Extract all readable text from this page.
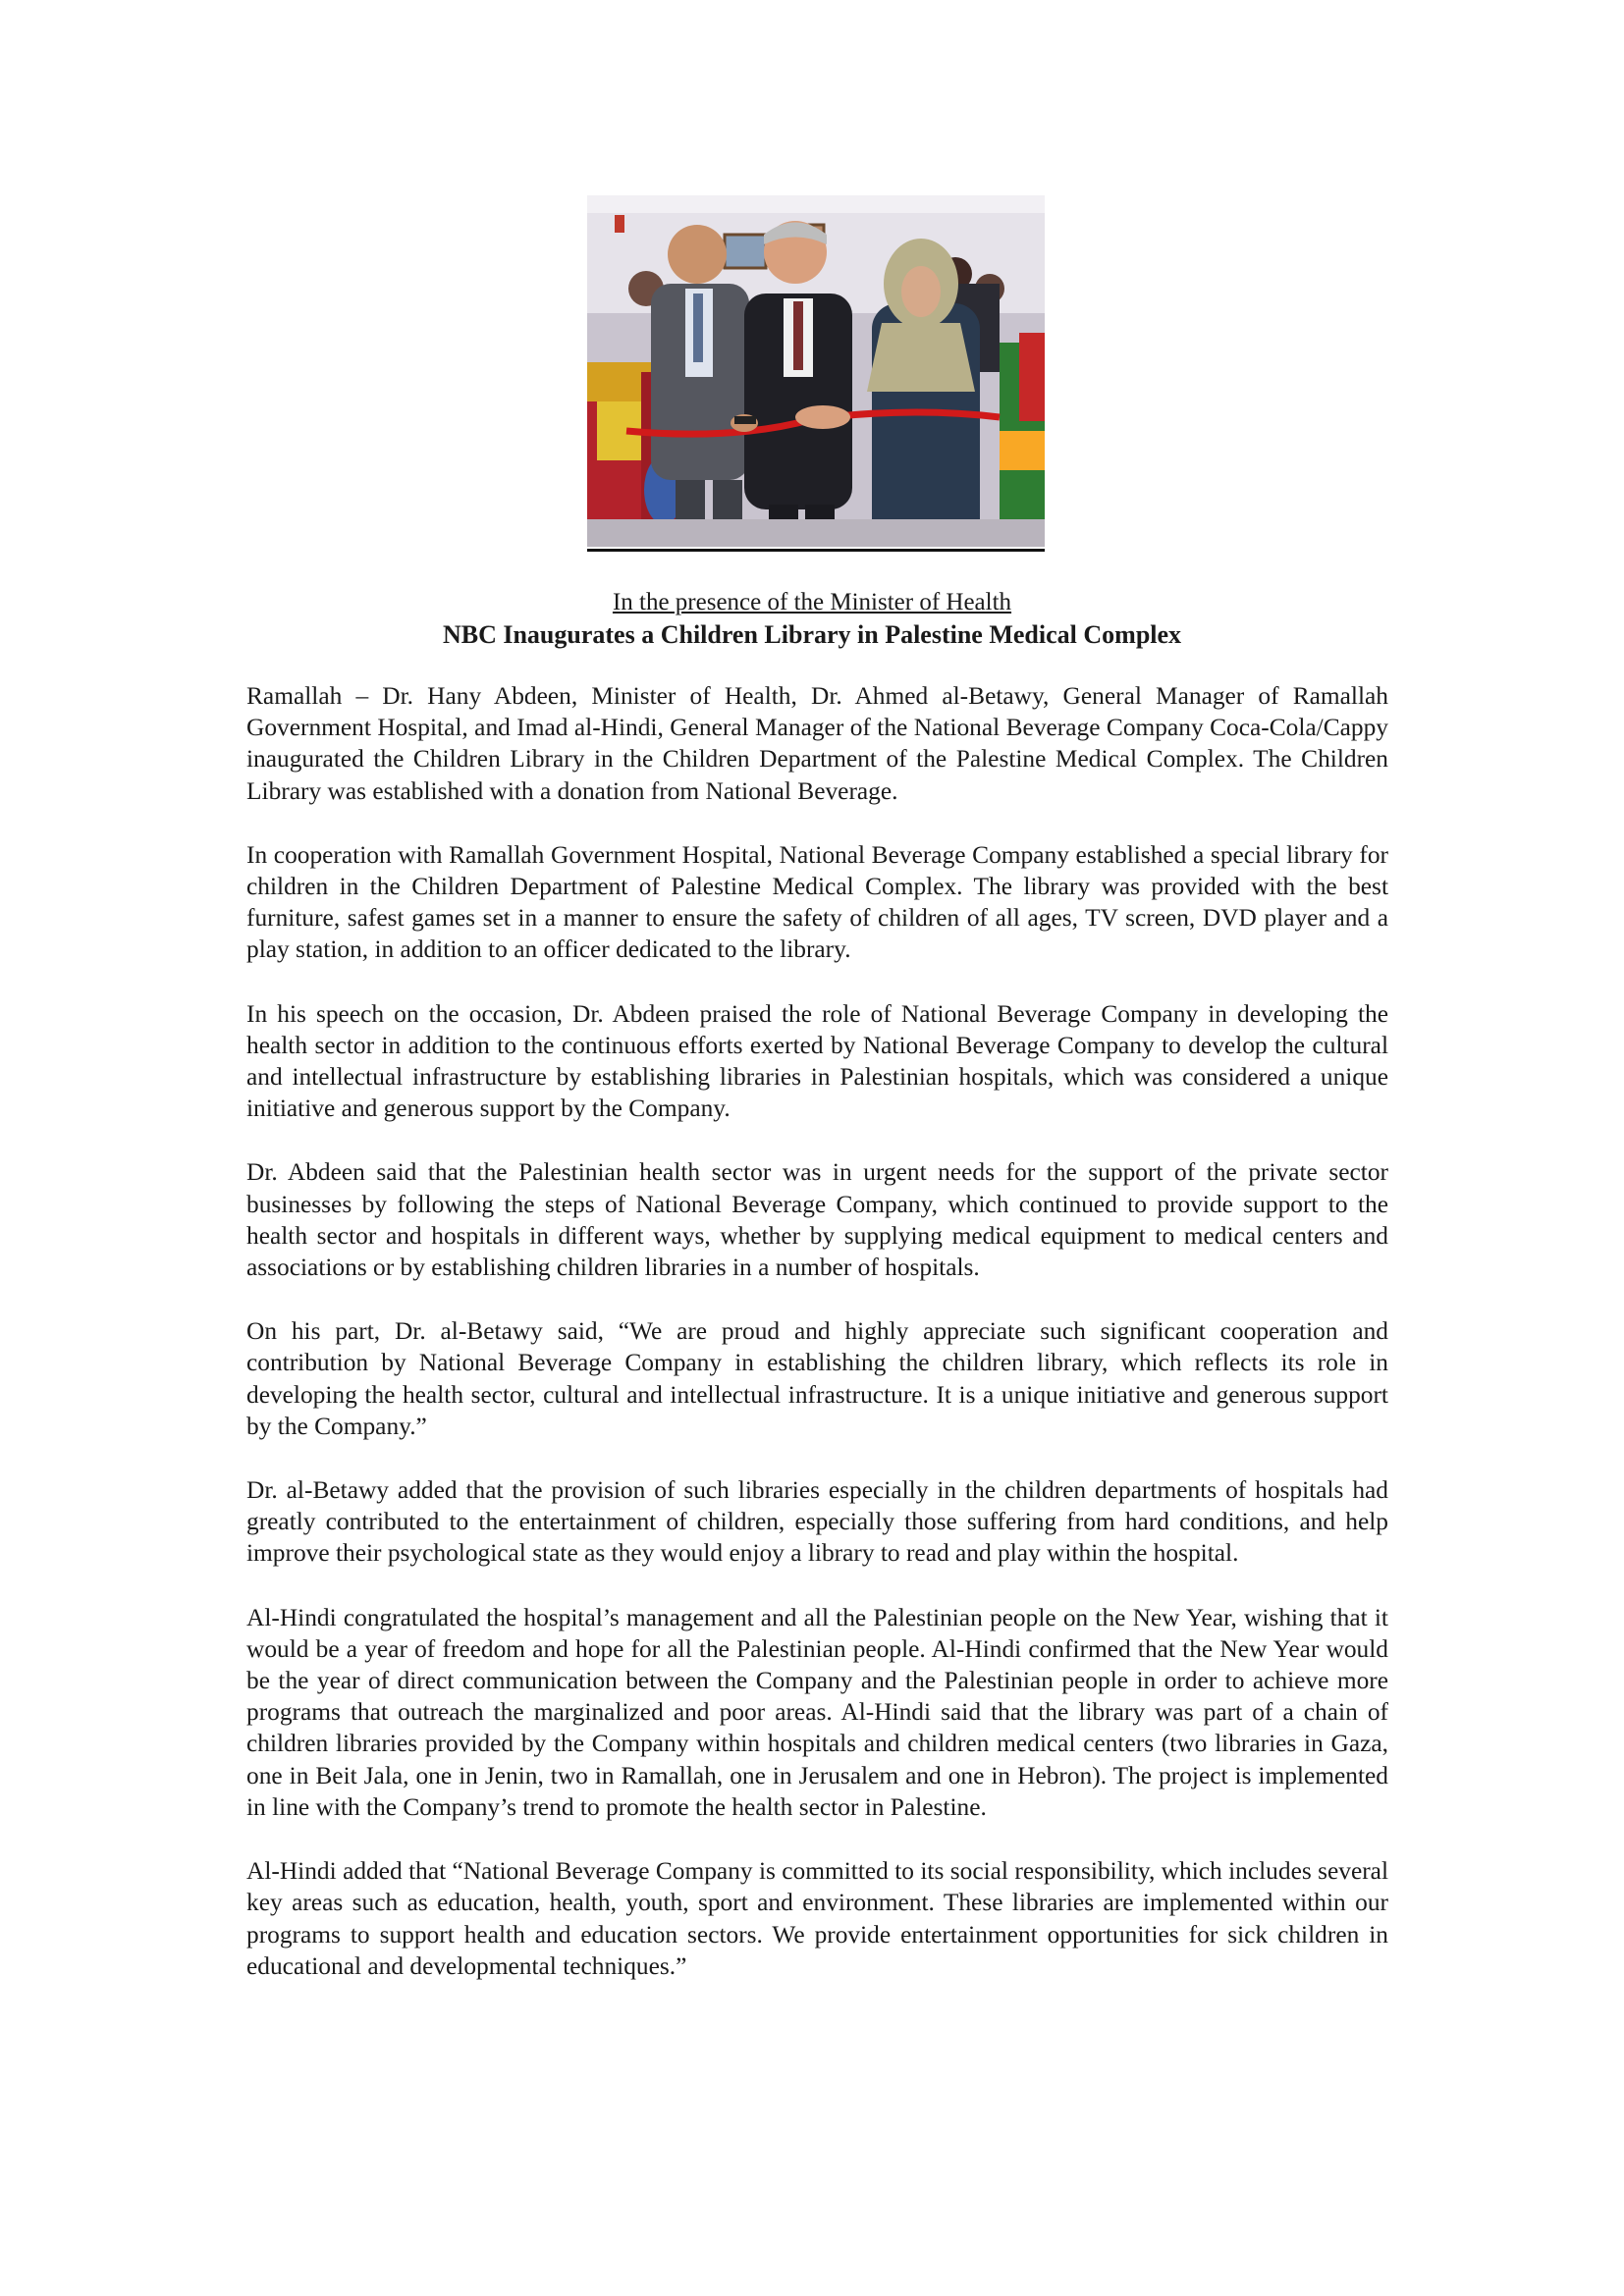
In the presence of the Minister of Health
NBC Inaugurates a Children Library in Palestine Medical Complex

Ramallah – Dr. Hany Abdeen, Minister of Health, Dr. Ahmed al-Betawy, General Manager of Ramallah Government Hospital, and Imad al-Hindi, General Manager of the National Beverage Company Coca-Cola/Cappy inaugurated the Children Library in the Children Department of the Palestine Medical Complex. The Children Library was established with a donation from National Beverage.

In cooperation with Ramallah Government Hospital, National Beverage Company established a special library for children in the Children Department of Palestine Medical Complex. The library was provided with the best furniture, safest games set in a manner to ensure the safety of children of all ages, TV screen, DVD player and a play station, in addition to an officer dedicated to the library.

In his speech on the occasion, Dr. Abdeen praised the role of National Beverage Company in developing the health sector in addition to the continuous efforts exerted by National Beverage Company to develop the cultural and intellectual infrastructure by establishing libraries in Palestinian hospitals, which was considered a unique initiative and generous support by the Company.

Dr. Abdeen said that the Palestinian health sector was in urgent needs for the support of the private sector businesses by following the steps of National Beverage Company, which continued to provide support to the health sector and hospitals in different ways, whether by supplying medical equipment to medical centers and associations or by establishing children libraries in a number of hospitals.

On his part, Dr. al-Betawy said, “We are proud and highly appreciate such significant cooperation and contribution by National Beverage Company in establishing the children library, which reflects its role in developing the health sector, cultural and intellectual infrastructure. It is a unique initiative and generous support by the Company.”

Dr. al-Betawy added that the provision of such libraries especially in the children departments of hospitals had greatly contributed to the entertainment of children, especially those suffering from hard conditions, and help improve their psychological state as they would enjoy a library to read and play within the hospital.

Al-Hindi congratulated the hospital’s management and all the Palestinian people on the New Year, wishing that it would be a year of freedom and hope for all the Palestinian people. Al-Hindi confirmed that the New Year would be the year of direct communication between the Company and the Palestinian people in order to achieve more programs that outreach the marginalized and poor areas. Al-Hindi said that the library was part of a chain of children libraries provided by the Company within hospitals and children medical centers (two libraries in Gaza, one in Beit Jala, one in Jenin, two in Ramallah, one in Jerusalem and one in Hebron). The project is implemented in line with the Company’s trend to promote the health sector in Palestine.

Al-Hindi added that “National Beverage Company is committed to its social responsibility, which includes several key areas such as education, health, youth, sport and environment. These libraries are implemented within our programs to support health and education sectors. We provide entertainment opportunities for sick children in educational and developmental techniques.”
